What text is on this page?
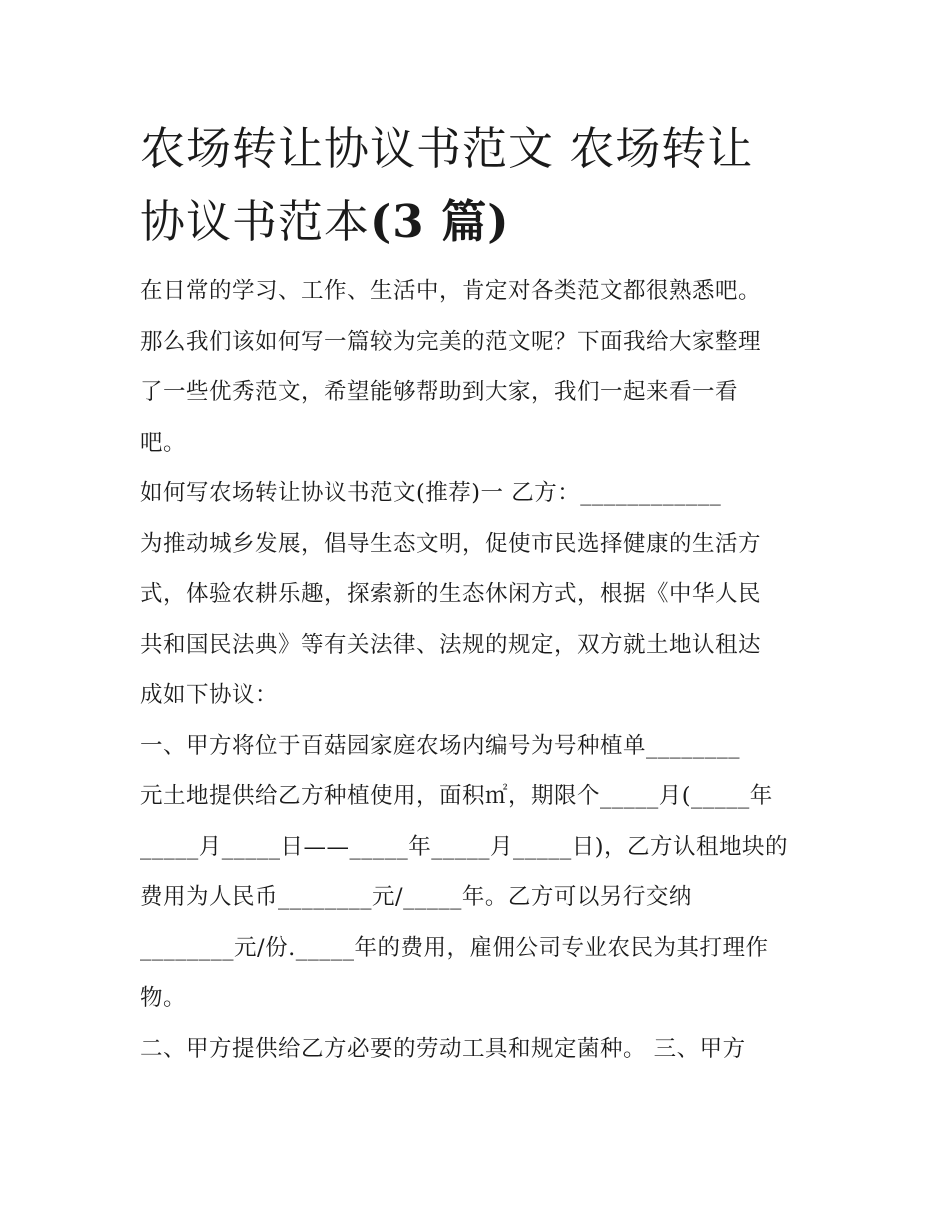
农场转让协议书范文 农场转让
协议书范本(3 篇)
在日常的学习、工作、生活中，肯定对各类范文都很熟悉吧。
那么我们该如何写一篇较为完美的范文呢？下面我给大家整理
了一些优秀范文，希望能够帮助到大家，我们一起来看一看
吧。
如何写农场转让协议书范文(推荐)一 乙方：____________
为推动城乡发展，倡导生态文明，促使市民选择健康的生活方
式，体验农耕乐趣，探索新的生态休闲方式，根据《中华人民
共和国民法典》等有关法律、法规的规定，双方就土地认租达
成如下协议：
一、甲方将位于百菇园家庭农场内编号为号种植单________
元土地提供给乙方种植使用，面积㎡，期限个_____月(_____年
_____月_____日——_____年_____月_____日)，乙方认租地块的
费用为人民币________元/_____年。乙方可以另行交纳
________元/份._____年的费用，雇佣公司专业农民为其打理作
物。
二、甲方提供给乙方必要的劳动工具和规定菌种。 三、甲方
